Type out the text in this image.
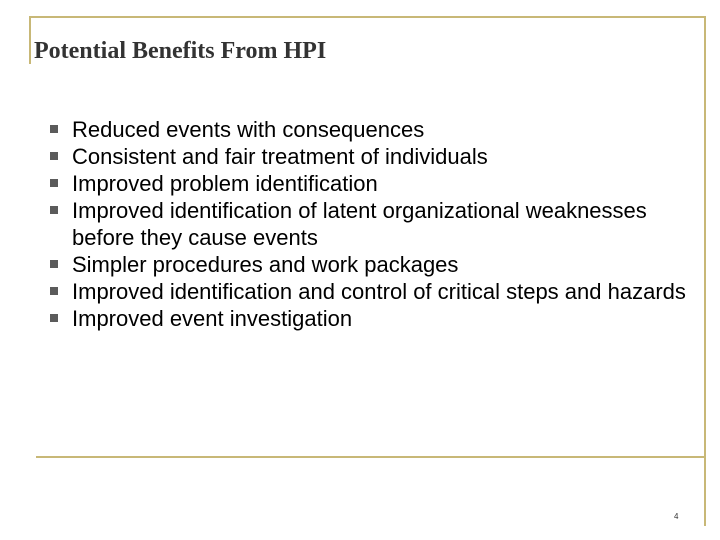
Potential Benefits From HPI
Reduced events with consequences
Consistent and fair treatment of individuals
Improved problem identification
Improved identification of latent organizational weaknesses before they cause events
Simpler procedures and work packages
Improved identification and control of critical steps and hazards
Improved event investigation
4
